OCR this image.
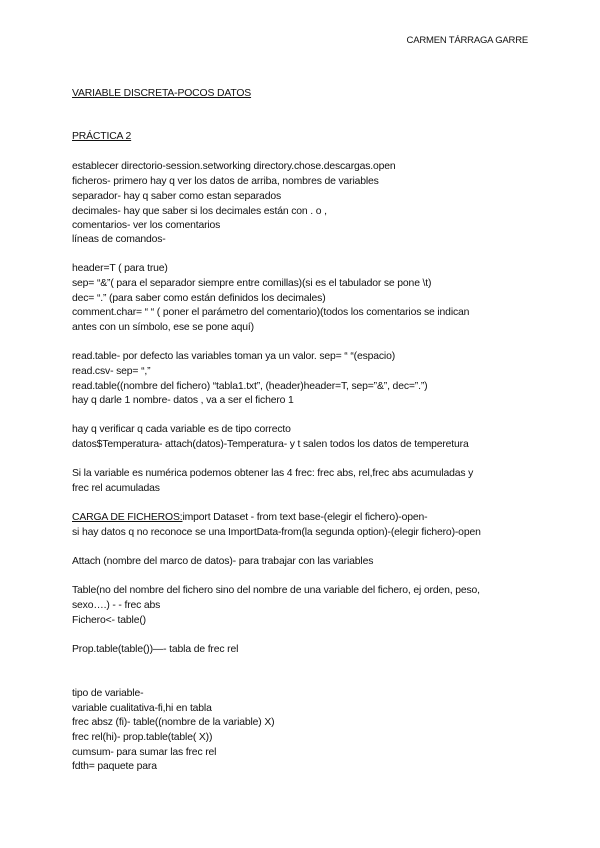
CARMEN TÁRRAGA GARRE
VARIABLE DISCRETA-POCOS DATOS
PRÁCTICA 2
establecer directorio-session.setworking directory.chose.descargas.open
ficheros- primero hay q ver los datos de arriba, nombres de variables
separador- hay q saber como estan separados
decimales- hay que saber si los decimales están con . o ,
comentarios- ver los comentarios
líneas de comandos-
header=T ( para true)
sep= “&”( para el separador siempre entre comillas)(si es el tabulador se pone \t)
dec= “.” (para saber como están definidos los decimales)
comment.char= “ “ ( poner el parámetro del comentario)(todos los comentarios se indican
antes con un símbolo, ese se pone aquí)
read.table- por defecto las variables toman ya un valor. sep= “ “(espacio)
read.csv- sep= “,”
read.table((nombre del fichero) “tabla1.txt”, (header)header=T, sep=”&”, dec=”.”)
hay q darle 1 nombre- datos , va a ser el fichero 1
hay q verificar q cada variable es de tipo correcto
datos$Temperatura- attach(datos)-Temperatura- y t salen todos los datos de temperetura
Si la variable es numérica podemos obtener las 4 frec: frec abs, rel,frec abs acumuladas y
frec rel acumuladas
CARGA DE FICHEROS:import Dataset - from text base-(elegir el fichero)-open-
si hay datos q no reconoce se una ImportData-from(la segunda option)-(elegir fichero)-open
Attach (nombre del marco de datos)- para trabajar con las variables
Table(no del nombre del fichero sino del nombre de una variable del fichero, ej orden, peso,
sexo….) - - frec abs
Fichero<- table()
Prop.table(table())—- tabla de frec rel
tipo de variable-
variable cualitativa-fi,hi en tabla
frec absz (fi)- table((nombre de la variable) X)
frec rel(hi)- prop.table(table( X))
cumsum- para sumar las frec rel
fdth= paquete para
